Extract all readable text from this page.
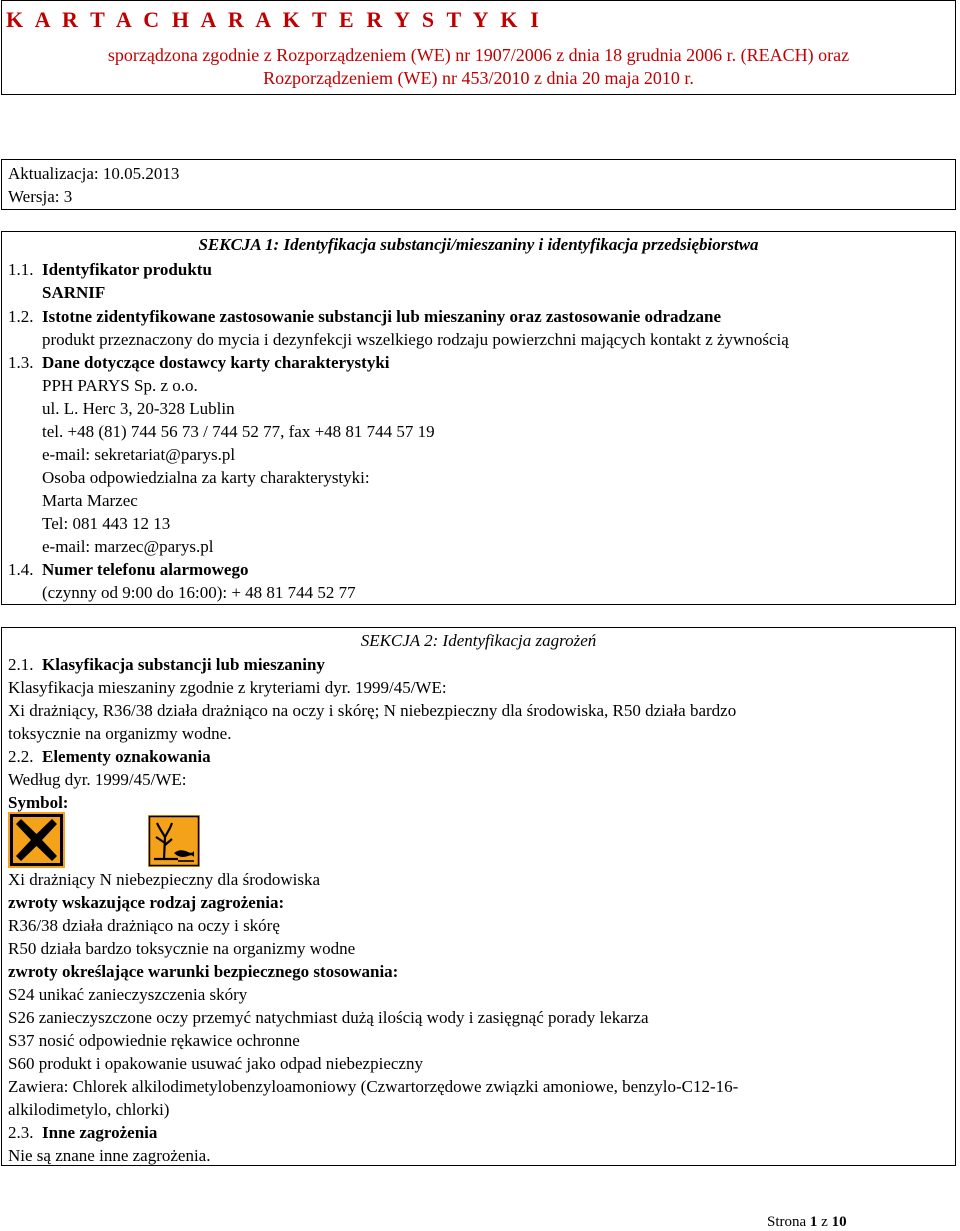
K A R T A C H A R A K T E R Y S T Y K I
sporządzona zgodnie z Rozporządzeniem (WE) nr 1907/2006 z dnia 18 grudnia 2006 r. (REACH) oraz
Rozporządzeniem (WE) nr 453/2010 z dnia 20 maja 2010 r.
Aktualizacja: 10.05.2013
Wersja: 3
SEKCJA 1: Identyfikacja substancji/mieszaniny i identyfikacja przedsiębiorstwa
1.1. Identyfikator produktu
SARNIF
1.2. Istotne zidentyfikowane zastosowanie substancji lub mieszaniny oraz zastosowanie odradzane
produkt przeznaczony do mycia i dezynfekcji wszelkiego rodzaju powierzchni mających kontakt z żywnością
1.3. Dane dotyczące dostawcy karty charakterystyki
PPH PARYS Sp. z o.o.
ul. L. Herc 3, 20-328 Lublin
tel. +48 (81) 744 56 73 / 744 52 77, fax +48 81 744 57 19
e-mail: sekretariat@parys.pl
Osoba odpowiedzialna za karty charakterystyki:
Marta Marzec
Tel: 081 443 12 13
e-mail: marzec@parys.pl
1.4. Numer telefonu alarmowego
(czynny od 9:00 do 16:00): + 48 81 744 52 77
SEKCJA 2: Identyfikacja zagrożeń
2.1. Klasyfikacja substancji lub mieszaniny
Klasyfikacja mieszaniny zgodnie z kryteriami dyr. 1999/45/WE:
Xi drażniący, R36/38 działa drażniąco na oczy i skórę; N niebezpieczny dla środowiska, R50 działa bardzo
toksycznie na organizmy wodne.
2.2. Elementy oznakowania
Według dyr. 1999/45/WE:
Symbol:
Xi drażniący N niebezpieczny dla środowiska
zwroty wskazujące rodzaj zagrożenia:
R36/38 działa drażniąco na oczy i skórę
R50 działa bardzo toksycznie na organizmy wodne
zwroty określające warunki bezpiecznego stosowania:
S24 unikać zanieczyszczenia skóry
S26 zanieczyszczone oczy przemyć natychmiast dużą ilością wody i zasięgnąć porady lekarza
S37 nosić odpowiednie rękawice ochronne
S60 produkt i opakowanie usuwać jako odpad niebezpieczny
Zawiera: Chlorek alkilodimetylobenzyloamoniowy (Czwartorzędowe związki amoniowe, benzylo-C12-16-
alkilodimetylo, chlorki)
2.3. Inne zagrożenia
Nie są znane inne zagrożenia.
Strona 1 z 10
